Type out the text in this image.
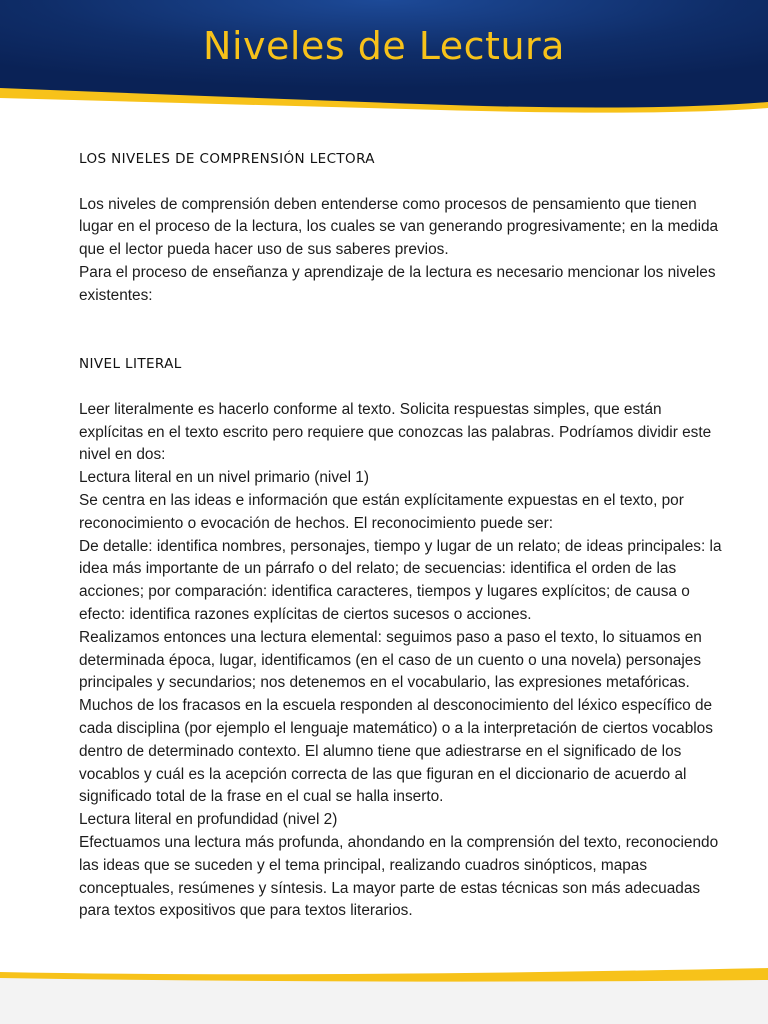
Niveles de Lectura
LOS NIVELES DE COMPRENSIÓN LECTORA

Los niveles de comprensión deben entenderse como procesos de pensamiento que tienen lugar en el proceso de la lectura, los cuales se van generando progresivamente; en la medida que el lector pueda hacer uso de sus saberes previos.

Para el proceso de enseñanza y aprendizaje de la lectura es necesario mencionar los niveles existentes:

NIVEL LITERAL

Leer literalmente es hacerlo conforme al texto. Solicita respuestas simples, que están explícitas en el texto escrito pero requiere que conozcas las palabras. Podríamos dividir este nivel en dos:

Lectura literal en un nivel primario (nivel 1)

Se centra en las ideas e información que están explícitamente expuestas en el texto, por reconocimiento o evocación de hechos. El reconocimiento puede ser:

De detalle: identifica nombres, personajes, tiempo y lugar de un relato; de ideas principales: la idea más importante de un párrafo o del relato; de secuencias: identifica el orden de las acciones; por comparación: identifica caracteres, tiempos y lugares explícitos; de causa o efecto: identifica razones explícitas de ciertos sucesos o acciones.

Realizamos entonces una lectura elemental: seguimos paso a paso el texto, lo situamos en determinada época, lugar, identificamos (en el caso de un cuento o una novela) personajes principales y secundarios; nos detenemos en el vocabulario, las expresiones metafóricas.

Muchos de los fracasos en la escuela responden al desconocimiento del léxico específico de cada disciplina (por ejemplo el lenguaje matemático) o a la interpretación de ciertos vocablos dentro de determinado contexto. El alumno tiene que adiestrarse en el significado de los vocablos y cuál es la acepción correcta de las que figuran en el diccionario de acuerdo al significado total de la frase en el cual se halla inserto.

Lectura literal en profundidad (nivel 2)

Efectuamos una lectura más profunda, ahondando en la comprensión del texto, reconociendo las ideas que se suceden y el tema principal, realizando cuadros sinópticos, mapas conceptuales, resúmenes y síntesis. La mayor parte de estas técnicas son más adecuadas para textos expositivos que para textos literarios.
